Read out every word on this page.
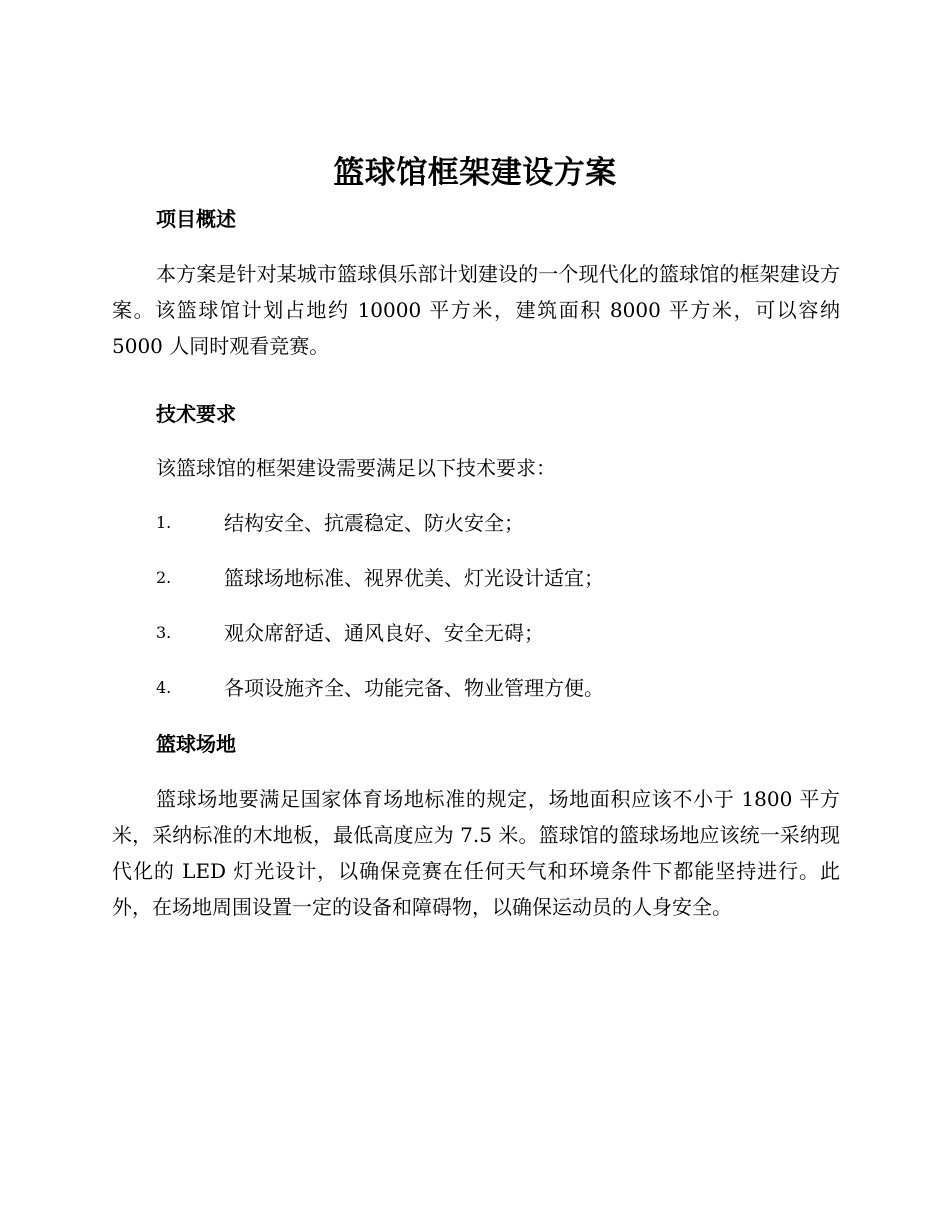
篮球馆框架建设方案
项目概述
本方案是针对某城市篮球俱乐部计划建设的一个现代化的篮球馆的框架建设方案。该篮球馆计划占地约 10000 平方米，建筑面积 8000 平方米，可以容纳 5000 人同时观看竞赛。
技术要求
该篮球馆的框架建设需要满足以下技术要求：
1.	结构安全、抗震稳定、防火安全；
2.	篮球场地标准、视界优美、灯光设计适宜；
3.	观众席舒适、通风良好、安全无碍；
4.	各项设施齐全、功能完备、物业管理方便。
篮球场地
篮球场地要满足国家体育场地标准的规定，场地面积应该不小于 1800 平方米，采纳标准的木地板，最低高度应为 7.5 米。篮球馆的篮球场地应该统一采纳现代化的 LED 灯光设计，以确保竞赛在任何天气和环境条件下都能坚持进行。此外，在场地周围设置一定的设备和障碍物，以确保运动员的人身安全。
